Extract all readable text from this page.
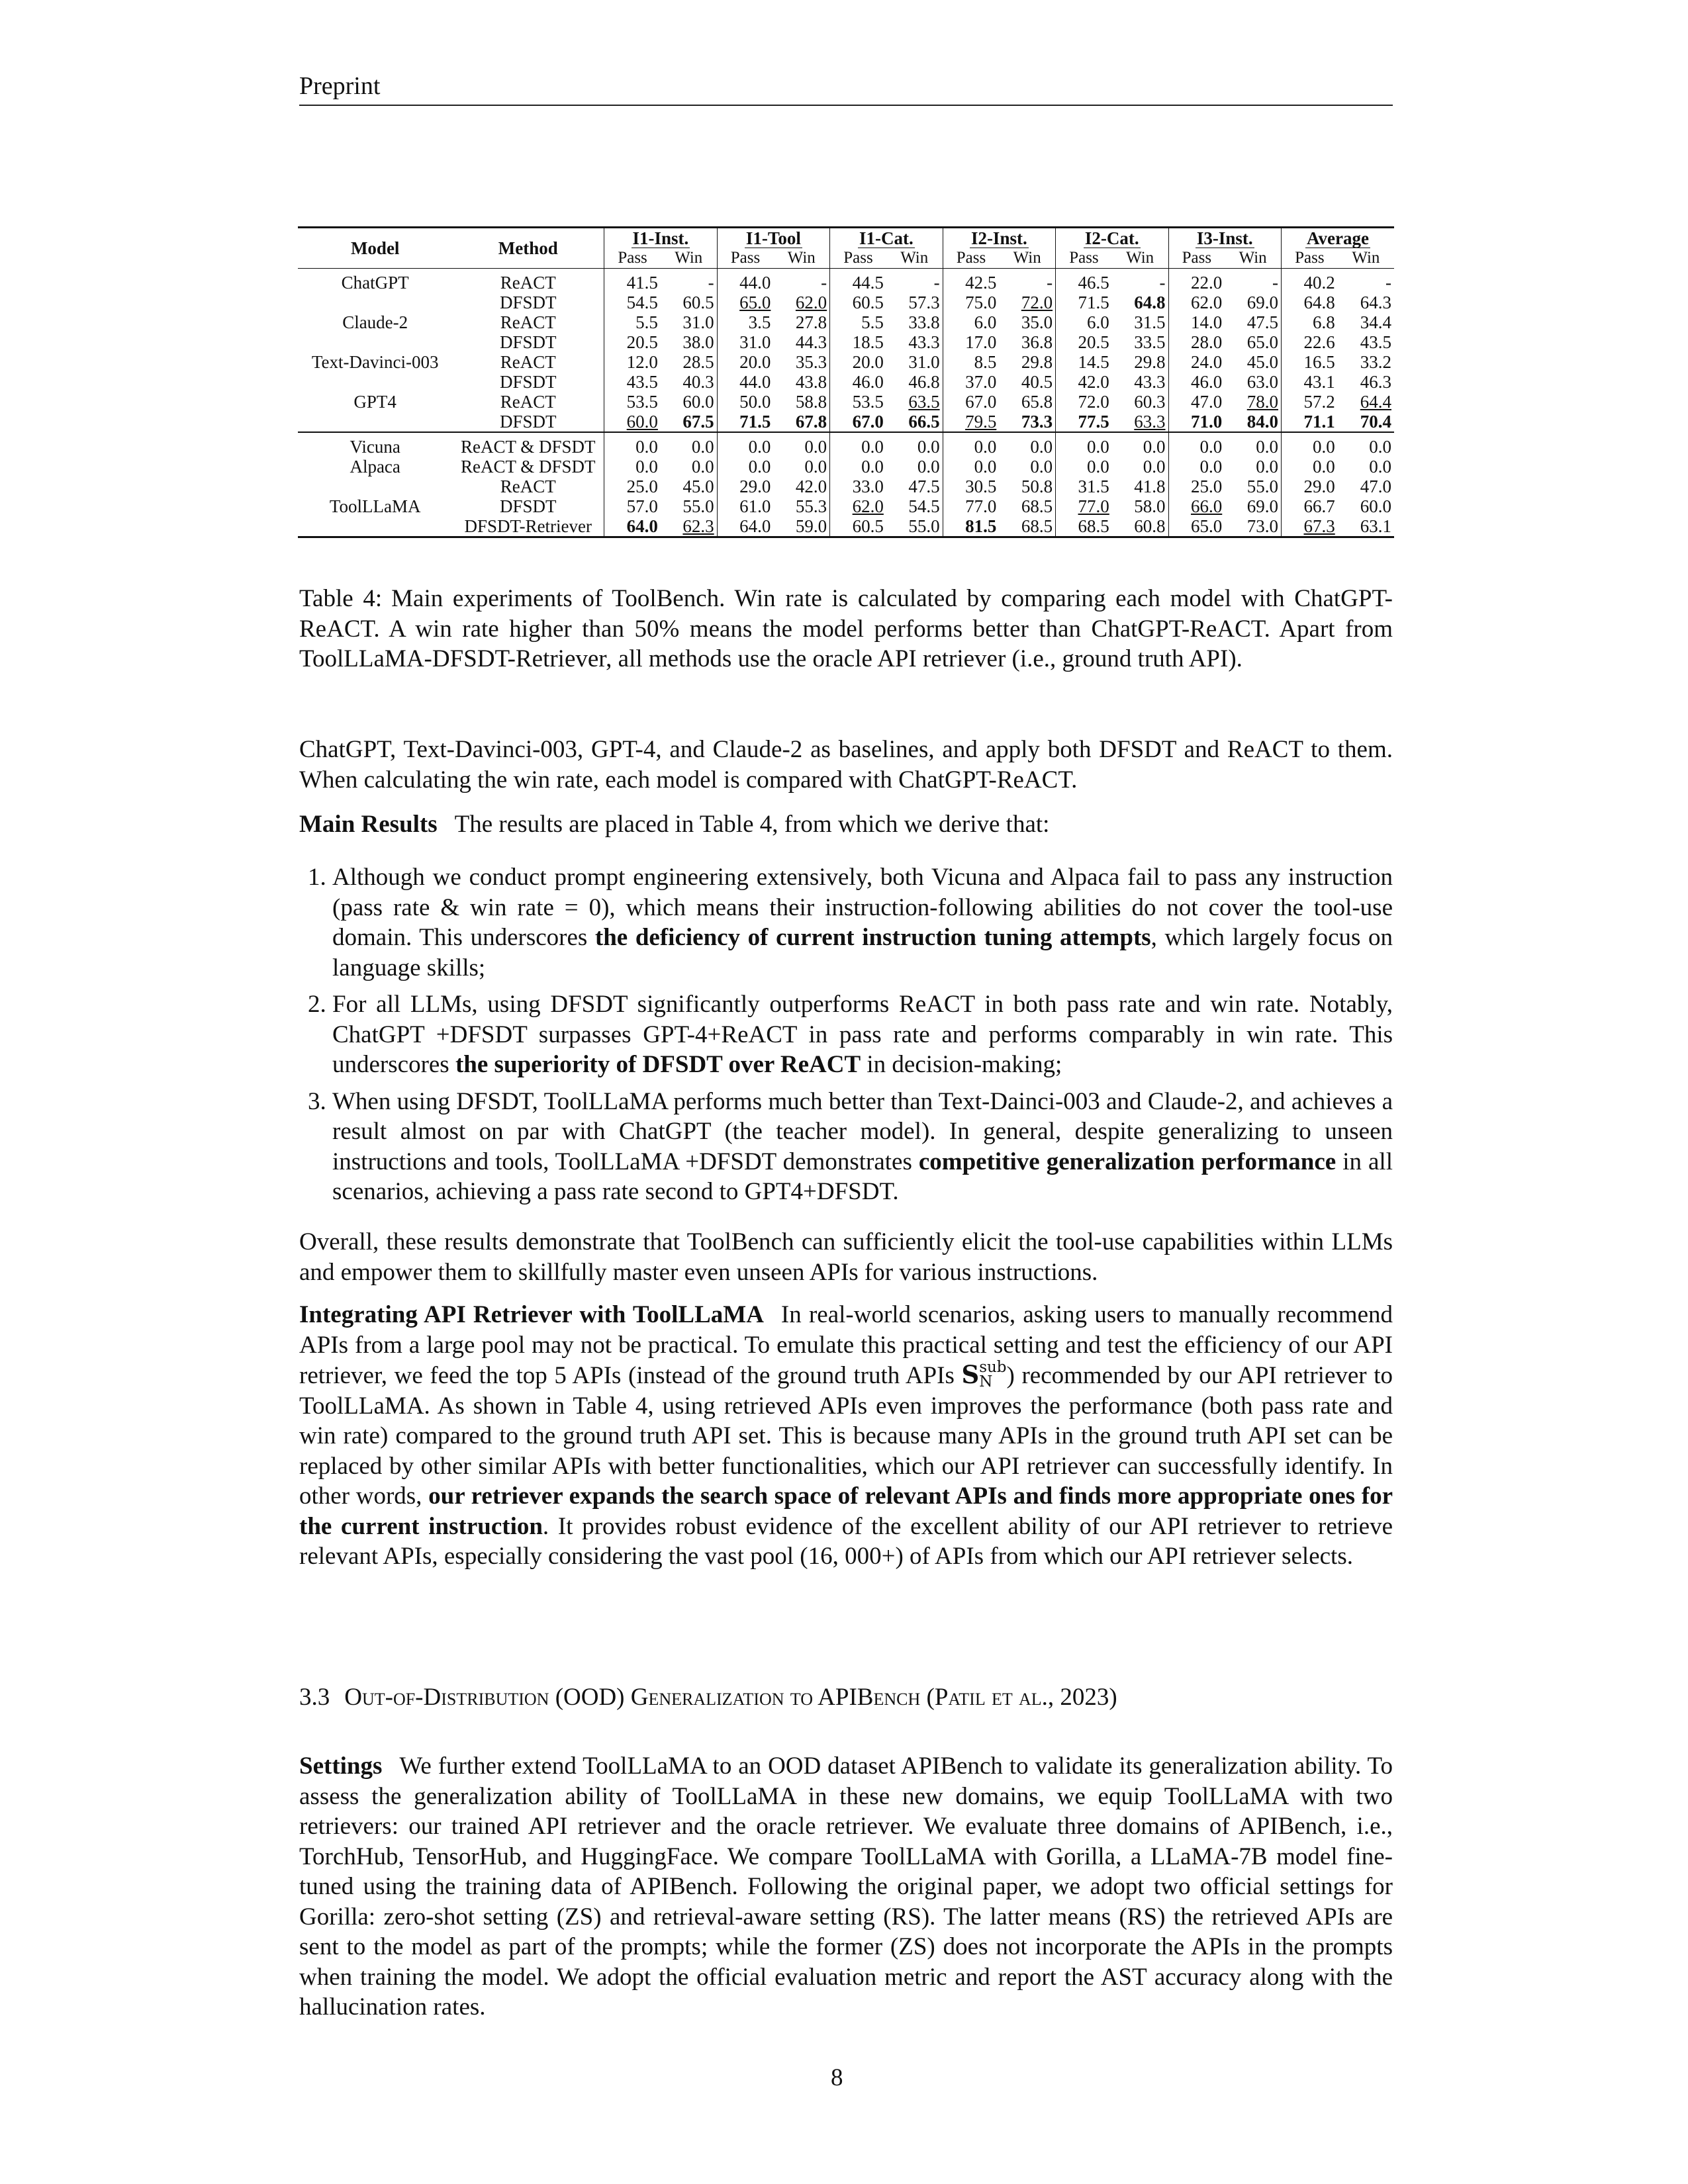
Preprint
Model	Method	I1-Inst.		I1-Tool		I1-Cat.		I2-Inst.		I2-Cat.		I3-Inst.		Average	
		Pass	Win	Pass	Win	Pass	Win	Pass	Win	Pass	Win	Pass	Win	Pass	Win
ChatGPT	ReACT	41.5	-	44.0	-	44.5	-	42.5	-	46.5	-	22.0	-	40.2	-
	DFSDT	54.5	60.5	65.0	62.0	60.5	57.3	75.0	72.0	71.5	64.8	62.0	69.0	64.8	64.3
Claude-2	ReACT	5.5	31.0	3.5	27.8	5.5	33.8	6.0	35.0	6.0	31.5	14.0	47.5	6.8	34.4
	DFSDT	20.5	38.0	31.0	44.3	18.5	43.3	17.0	36.8	20.5	33.5	28.0	65.0	22.6	43.5
Text-Davinci-003	ReACT	12.0	28.5	20.0	35.3	20.0	31.0	8.5	29.8	14.5	29.8	24.0	45.0	16.5	33.2
	DFSDT	43.5	40.3	44.0	43.8	46.0	46.8	37.0	40.5	42.0	43.3	46.0	63.0	43.1	46.3
GPT4	ReACT	53.5	60.0	50.0	58.8	53.5	63.5	67.0	65.8	72.0	60.3	47.0	78.0	57.2	64.4
	DFSDT	60.0	67.5	71.5	67.8	67.0	66.5	79.5	73.3	77.5	63.3	71.0	84.0	71.1	70.4
Vicuna	ReACT & DFSDT	0.0	0.0	0.0	0.0	0.0	0.0	0.0	0.0	0.0	0.0	0.0	0.0	0.0	0.0
Alpaca	ReACT & DFSDT	0.0	0.0	0.0	0.0	0.0	0.0	0.0	0.0	0.0	0.0	0.0	0.0	0.0	0.0
	ReACT	25.0	45.0	29.0	42.0	33.0	47.5	30.5	50.8	31.5	41.8	25.0	55.0	29.0	47.0
ToolLLaMA	DFSDT	57.0	55.0	61.0	55.3	62.0	54.5	77.0	68.5	77.0	58.0	66.0	69.0	66.7	60.0
	DFSDT-Retriever	64.0	62.3	64.0	59.0	60.5	55.0	81.5	68.5	68.5	60.8	65.0	73.0	67.3	63.1
Table 4: Main experiments of ToolBench. Win rate is calculated by comparing each model with ChatGPT-ReACT. A win rate higher than 50% means the model performs better than ChatGPT-ReACT. Apart from ToolLLaMA-DFSDT-Retriever, all methods use the oracle API retriever (i.e., ground truth API).
ChatGPT, Text-Davinci-003, GPT-4, and Claude-2 as baselines, and apply both DFSDT and ReACT to them. When calculating the win rate, each model is compared with ChatGPT-ReACT.
Main Results The results are placed in Table 4, from which we derive that:
1. Although we conduct prompt engineering extensively, both Vicuna and Alpaca fail to pass any instruction (pass rate & win rate = 0), which means their instruction-following abilities do not cover the tool-use domain. This underscores the deficiency of current instruction tuning attempts, which largely focus on language skills;
2. For all LLMs, using DFSDT significantly outperforms ReACT in both pass rate and win rate. Notably, ChatGPT +DFSDT surpasses GPT-4+ReACT in pass rate and performs comparably in win rate. This underscores the superiority of DFSDT over ReACT in decision-making;
3. When using DFSDT, ToolLLaMA performs much better than Text-Dainci-003 and Claude-2, and achieves a result almost on par with ChatGPT (the teacher model). In general, despite generalizing to unseen instructions and tools, ToolLLaMA +DFSDT demonstrates competitive generalization performance in all scenarios, achieving a pass rate second to GPT4+DFSDT.
Overall, these results demonstrate that ToolBench can sufficiently elicit the tool-use capabilities within LLMs and empower them to skillfully master even unseen APIs for various instructions.
Integrating API Retriever with ToolLLaMA In real-world scenarios, asking users to manually recommend APIs from a large pool may not be practical. To emulate this practical setting and test the efficiency of our API retriever, we feed the top 5 APIs (instead of the ground truth APIs S sub
N ) recommended by our API retriever to ToolLLaMA. As shown in Table 4, using retrieved APIs even improves the performance (both pass rate and win rate) compared to the ground truth API set. This is because many APIs in the ground truth API set can be replaced by other similar APIs with better functionalities, which our API retriever can successfully identify. In other words, our retriever expands the search space of relevant APIs and finds more appropriate ones for the current instruction. It provides robust evidence of the excellent ability of our API retriever to retrieve relevant APIs, especially considering the vast pool (16, 000+) of APIs from which our API retriever selects.
3.3 Out-of-Distribution (OOD) Generalization to APIBench (Patil et al., 2023)
Settings We further extend ToolLLaMA to an OOD dataset APIBench to validate its generalization ability. To assess the generalization ability of ToolLLaMA in these new domains, we equip ToolLLaMA with two retrievers: our trained API retriever and the oracle retriever. We evaluate three domains of APIBench, i.e., TorchHub, TensorHub, and HuggingFace. We compare ToolLLaMA with Gorilla, a LLaMA-7B model fine-tuned using the training data of APIBench. Following the original paper, we adopt two official settings for Gorilla: zero-shot setting (ZS) and retrieval-aware setting (RS). The latter means (RS) the retrieved APIs are sent to the model as part of the prompts; while the former (ZS) does not incorporate the APIs in the prompts when training the model. We adopt the official evaluation metric and report the AST accuracy along with the hallucination rates.
8
